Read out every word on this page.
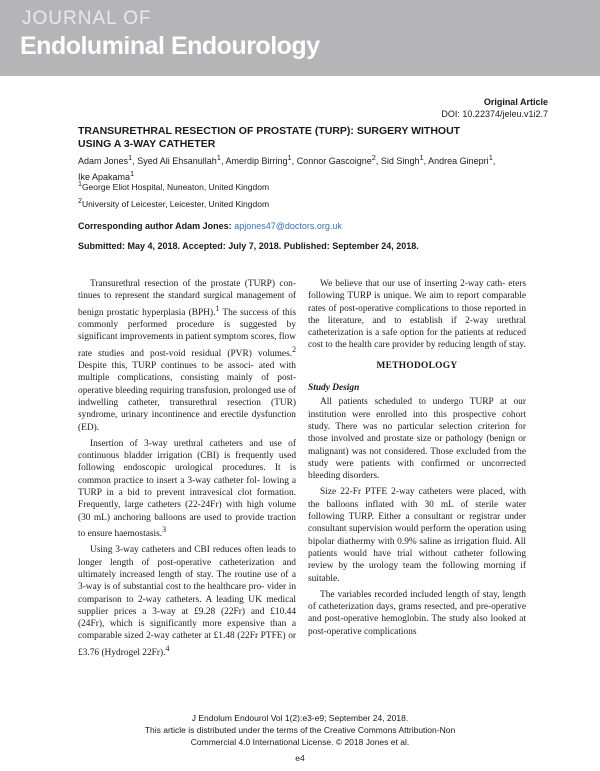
JOURNAL OF
Endoluminal Endourology
Original Article
DOI: 10.22374/jeleu.v1i2.7
TRANSURETHRAL RESECTION OF PROSTATE (TURP): SURGERY WITHOUT
USING A 3-WAY CATHETER
Adam Jones$^1$, Syed Ali Ehsanullah$^1$, Amerdip Birring$^1$, Connor Gascoigne$^2$, Sid Singh$^1$, Andrea Ginepri$^1$,
Ike Apakama$^1$
$^1$George Eliot Hospital, Nuneaton, United Kingdom
$^2$University of Leicester, Leicester, United Kingdom
Corresponding author Adam Jones: apjones47@doctors.org.uk
Submitted: May 4, 2018. Accepted: July 7, 2018. Published: September 24, 2018.

Transurethral resection of the prostate (TURP) con- tinues to represent the standard surgical management of benign prostatic hyperplasia (BPH).$^1$ The success of this commonly performed procedure is suggested by significant improvements in patient symptom scores, flow rate studies and post-void residual (PVR) volumes.$^2$ Despite this, TURP continues to be associ- ated with multiple complications, consisting mainly of post-operative bleeding requiring transfusion, prolonged use of indwelling catheter, transurethral resection (TUR) syndrome, urinary incontinence and erectile dysfunction (ED).

Insertion of 3-way urethral catheters and use of continuous bladder irrigation (CBI) is frequently used following endoscopic urological procedures. It is common practice to insert a 3-way catheter fol- lowing a TURP in a bid to prevent intravesical clot formation. Frequently, large catheters (22-24Fr) with high volume (30 mL) anchoring balloons are used to provide traction to ensure haemostasis.$^3$

Using 3-way catheters and CBI reduces often leads to longer length of post-operative catheterization and ultimately increased length of stay. The routine use of a 3-way is of substantial cost to the healthcare pro- vider in comparison to 2-way catheters. A leading UK medical supplier prices a 3-way at £9.28 (22Fr) and £10.44 (24Fr), which is significantly more expensive than a comparable sized 2-way catheter at £1.48 (22Fr PTFE) or £3.76 (Hydrogel 22Fr).$^4$

We believe that our use of inserting 2-way cath- eters following TURP is unique. We aim to report comparable rates of post-operative complications to those reported in the literature, and to establish if 2-way urethral catheterization is a safe option for the patients at reduced cost to the health care provider by reducing length of stay.

METHODOLOGY
Study Design

All patients scheduled to undergo TURP at our institution were enrolled into this prospective cohort study. There was no particular selection criterion for those involved and prostate size or pathology (benign or malignant) was not considered. Those excluded from the study were patients with confirmed or uncorrected bleeding disorders.

Size 22-Fr PTFE 2-way catheters were placed, with the balloons inflated with 30 mL of sterile water following TURP. Either a consultant or registrar under consultant supervision would perform the operation using bipolar diathermy with 0.9% saline as irrigation fluid. All patients would have trial without catheter following review by the urology team the following morning if suitable.

The variables recorded included length of stay, length of catheterization days, grams resected, and pre-operative and post-operative hemoglobin. The study also looked at post-operative complications

J Endolum Endourol Vol 1(2):e3-e9; September 24, 2018.
This article is distributed under the terms of the Creative Commons Attribution-Non
Commercial 4.0 International License. © 2018 Jones et al.
e4
